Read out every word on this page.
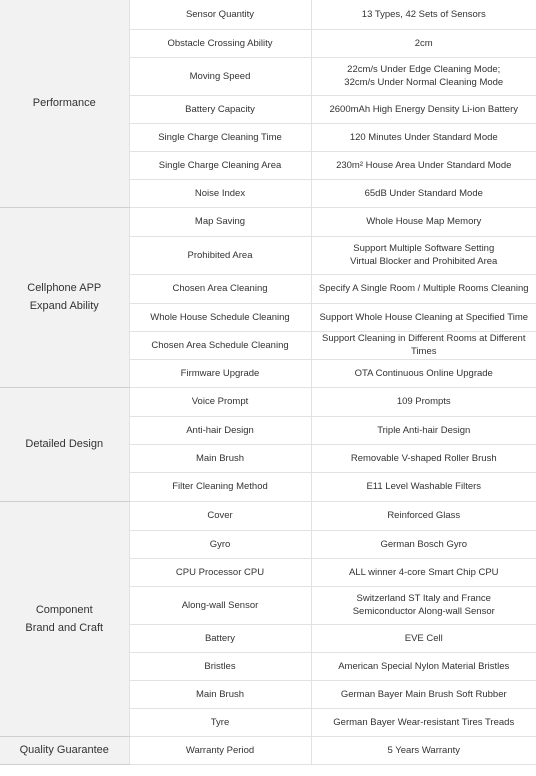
Performance	Sensor Quantity	13 Types, 42 Sets of Sensors
	Obstacle Crossing Ability	2cm
	Moving Speed	22cm/s Under Edge Cleaning Mode;
32cm/s Under Normal Cleaning Mode
	Battery Capacity	2600mAh High Energy Density Li-ion Battery
	Single Charge Cleaning Time	120 Minutes Under Standard Mode
	Single Charge Cleaning Area	230m² House Area Under Standard Mode
	Noise Index	65dB Under Standard Mode

Cellphone APP
Expand Ability	Map Saving	Whole House Map Memory
	Prohibited Area	Support Multiple Software Setting
Virtual Blocker and Prohibited Area
	Chosen Area Cleaning	Specify A Single Room / Multiple Rooms Cleaning
	Whole House Schedule Cleaning	Support Whole House Cleaning at Specified Time
	Chosen Area Schedule Cleaning	Support Cleaning in Different Rooms at Different Times
	Firmware Upgrade	OTA Continuous Online Upgrade

Detailed Design	Voice Prompt	109 Prompts
	Anti-hair Design	Triple Anti-hair Design
	Main Brush	Removable V-shaped Roller Brush
	Filter Cleaning Method	E11 Level Washable Filters

Component
Brand and Craft	Cover	Reinforced Glass
	Gyro	German Bosch Gyro
	CPU Processor CPU	ALL winner 4-core Smart Chip CPU
	Along-wall Sensor	Switzerland ST Italy and France
Semiconductor Along-wall Sensor
	Battery	EVE Cell
	Bristles	American Special Nylon Material Bristles
	Main Brush	German Bayer Main Brush Soft Rubber
	Tyre	German Bayer Wear-resistant Tires Treads

Quality Guarantee	Warranty Period	5 Years Warranty
